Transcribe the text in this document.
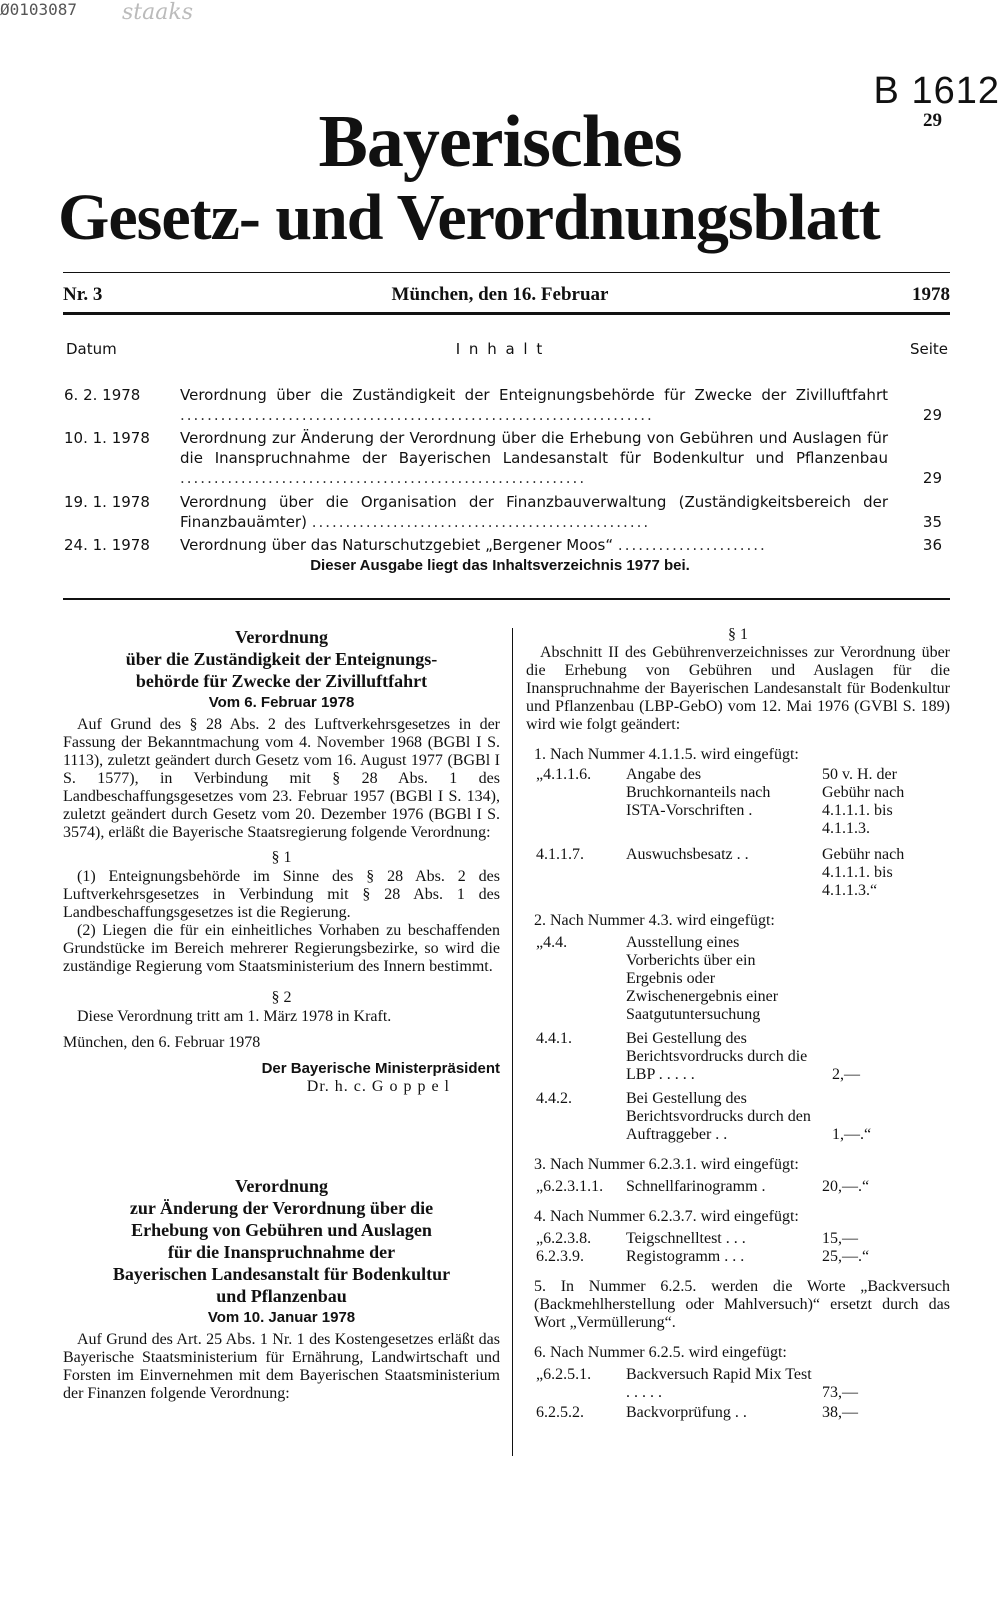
Ø0103087 staaks
B 1612
29
Bayerisches
Gesetz- und Verordnungsblatt
Nr. 3	München, den 16. Februar	1978
Datum	I n h a l t	Seite
6. 2. 1978	Verordnung über die Zuständigkeit der Enteignungsbehörde für Zwecke der Zivilluftfahrt ......................................................................	29
10. 1. 1978	Verordnung zur Änderung der Verordnung über die Erhebung von Gebühren und Auslagen für die Inanspruchnahme der Bayerischen Landesanstalt für Bodenkultur und Pflanzenbau ............................................................	29
19. 1. 1978	Verordnung über die Organisation der Finanzbauverwaltung (Zuständigkeitsbereich der Finanzbauämter) ..................................................	35
24. 1. 1978	Verordnung über das Naturschutzgebiet „Bergener Moos“ ......................	36
Dieser Ausgabe liegt das Inhaltsverzeichnis 1977 bei.
Verordnung
über die Zuständigkeit der Enteignungs-
behörde für Zwecke der Zivilluftfahrt
Vom 6. Februar 1978
Auf Grund des § 28 Abs. 2 des Luftverkehrsgesetzes in der Fassung der Bekanntmachung vom 4. November 1968 (BGBl I S. 1113), zuletzt geändert durch Gesetz vom 16. August 1977 (BGBl I S. 1577), in Verbindung mit § 28 Abs. 1 des Landbeschaffungsgesetzes vom 23. Februar 1957 (BGBl I S. 134), zuletzt geändert durch Gesetz vom 20. Dezember 1976 (BGBl I S. 3574), erläßt die Bayerische Staatsregierung folgende Verordnung:
§ 1
(1) Enteignungsbehörde im Sinne des § 28 Abs. 2 des Luftverkehrsgesetzes in Verbindung mit § 28 Abs. 1 des Landbeschaffungsgesetzes ist die Regierung.
(2) Liegen die für ein einheitliches Vorhaben zu beschaffenden Grundstücke im Bereich mehrerer Regierungsbezirke, so wird die zuständige Regierung vom Staatsministerium des Innern bestimmt.
§ 2
Diese Verordnung tritt am 1. März 1978 in Kraft.
München, den 6. Februar 1978
Der Bayerische Ministerpräsident
Dr. h. c. G o p p e l
Verordnung
zur Änderung der Verordnung über die
Erhebung von Gebühren und Auslagen
für die Inanspruchnahme der
Bayerischen Landesanstalt für Bodenkultur
und Pflanzenbau
Vom 10. Januar 1978
Auf Grund des Art. 25 Abs. 1 Nr. 1 des Kostengesetzes erläßt das Bayerische Staatsministerium für Ernährung, Landwirtschaft und Forsten im Einvernehmen mit dem Bayerischen Staatsministerium der Finanzen folgende Verordnung:
§ 1
Abschnitt II des Gebührenverzeichnisses zur Verordnung über die Erhebung von Gebühren und Auslagen für die Inanspruchnahme der Bayerischen Landesanstalt für Bodenkultur und Pflanzenbau (LBP-GebO) vom 12. Mai 1976 (GVBl S. 189) wird wie folgt geändert:
1. Nach Nummer 4.1.1.5. wird eingefügt:
„4.1.1.6.	Angabe des Bruchkornanteils nach ISTA-Vorschriften .	50 v. H. der Gebühr nach 4.1.1.1. bis 4.1.1.3.
4.1.1.7.	Auswuchsbesatz . .	Gebühr nach 4.1.1.1. bis 4.1.1.3.“
2. Nach Nummer 4.3. wird eingefügt:
„4.4.	Ausstellung eines Vorberichts über ein Ergebnis oder Zwischenergebnis einer Saatgutuntersuchung	
4.4.1.	Bei Gestellung des Berichtsvordrucks durch die LBP . . . . .	2,—
4.4.2.	Bei Gestellung des Berichtsvordrucks durch den Auftraggeber . .	1,—.“
3. Nach Nummer 6.2.3.1. wird eingefügt:
„6.2.3.1.1.	Schnellfarinogramm .	20,—.“
4. Nach Nummer 6.2.3.7. wird eingefügt:
„6.2.3.8.	Teigschnelltest . . .	15,—
6.2.3.9.	Registogramm . . .	25,—.“
5. In Nummer 6.2.5. werden die Worte „Backversuch (Backmehlherstellung oder Mahlversuch)“ ersetzt durch das Wort „Vermüllerung“.
6. Nach Nummer 6.2.5. wird eingefügt:
„6.2.5.1.	Backversuch Rapid Mix Test . . . . .	73,—
6.2.5.2.	Backvorprüfung . .	38,—
